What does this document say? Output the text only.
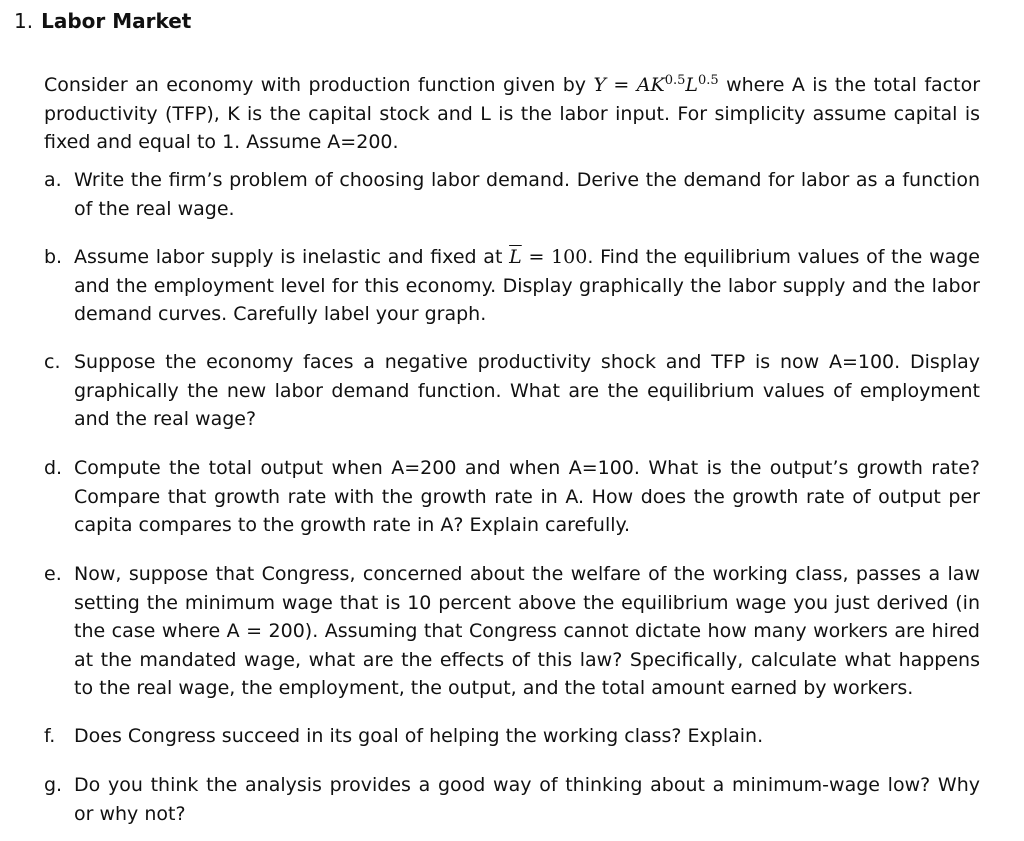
1. Labor Market
Consider an economy with production function given by $Y = AK^{0.5}L^{0.5}$ where A is the total factor productivity (TFP), K is the capital stock and L is the labor input. For simplicity assume capital is fixed and equal to 1. Assume A=200.
a. Write the firm’s problem of choosing labor demand. Derive the demand for labor as a function of the real wage.
b. Assume labor supply is inelastic and fixed at $\overline{L} = 100$. Find the equilibrium values of the wage and the employment level for this economy. Display graphically the labor supply and the labor demand curves. Carefully label your graph.
c. Suppose the economy faces a negative productivity shock and TFP is now A=100. Display graphically the new labor demand function. What are the equilibrium values of employment and the real wage?
d. Compute the total output when A=200 and when A=100. What is the output’s growth rate? Compare that growth rate with the growth rate in A. How does the growth rate of output per capita compares to the growth rate in A? Explain carefully.
e. Now, suppose that Congress, concerned about the welfare of the working class, passes a law setting the minimum wage that is 10 percent above the equilibrium wage you just derived (in the case where A = 200). Assuming that Congress cannot dictate how many workers are hired at the mandated wage, what are the effects of this law? Specifically, calculate what happens to the real wage, the employment, the output, and the total amount earned by workers.
f. Does Congress succeed in its goal of helping the working class? Explain.
g. Do you think the analysis provides a good way of thinking about a minimum-wage low? Why or why not?
